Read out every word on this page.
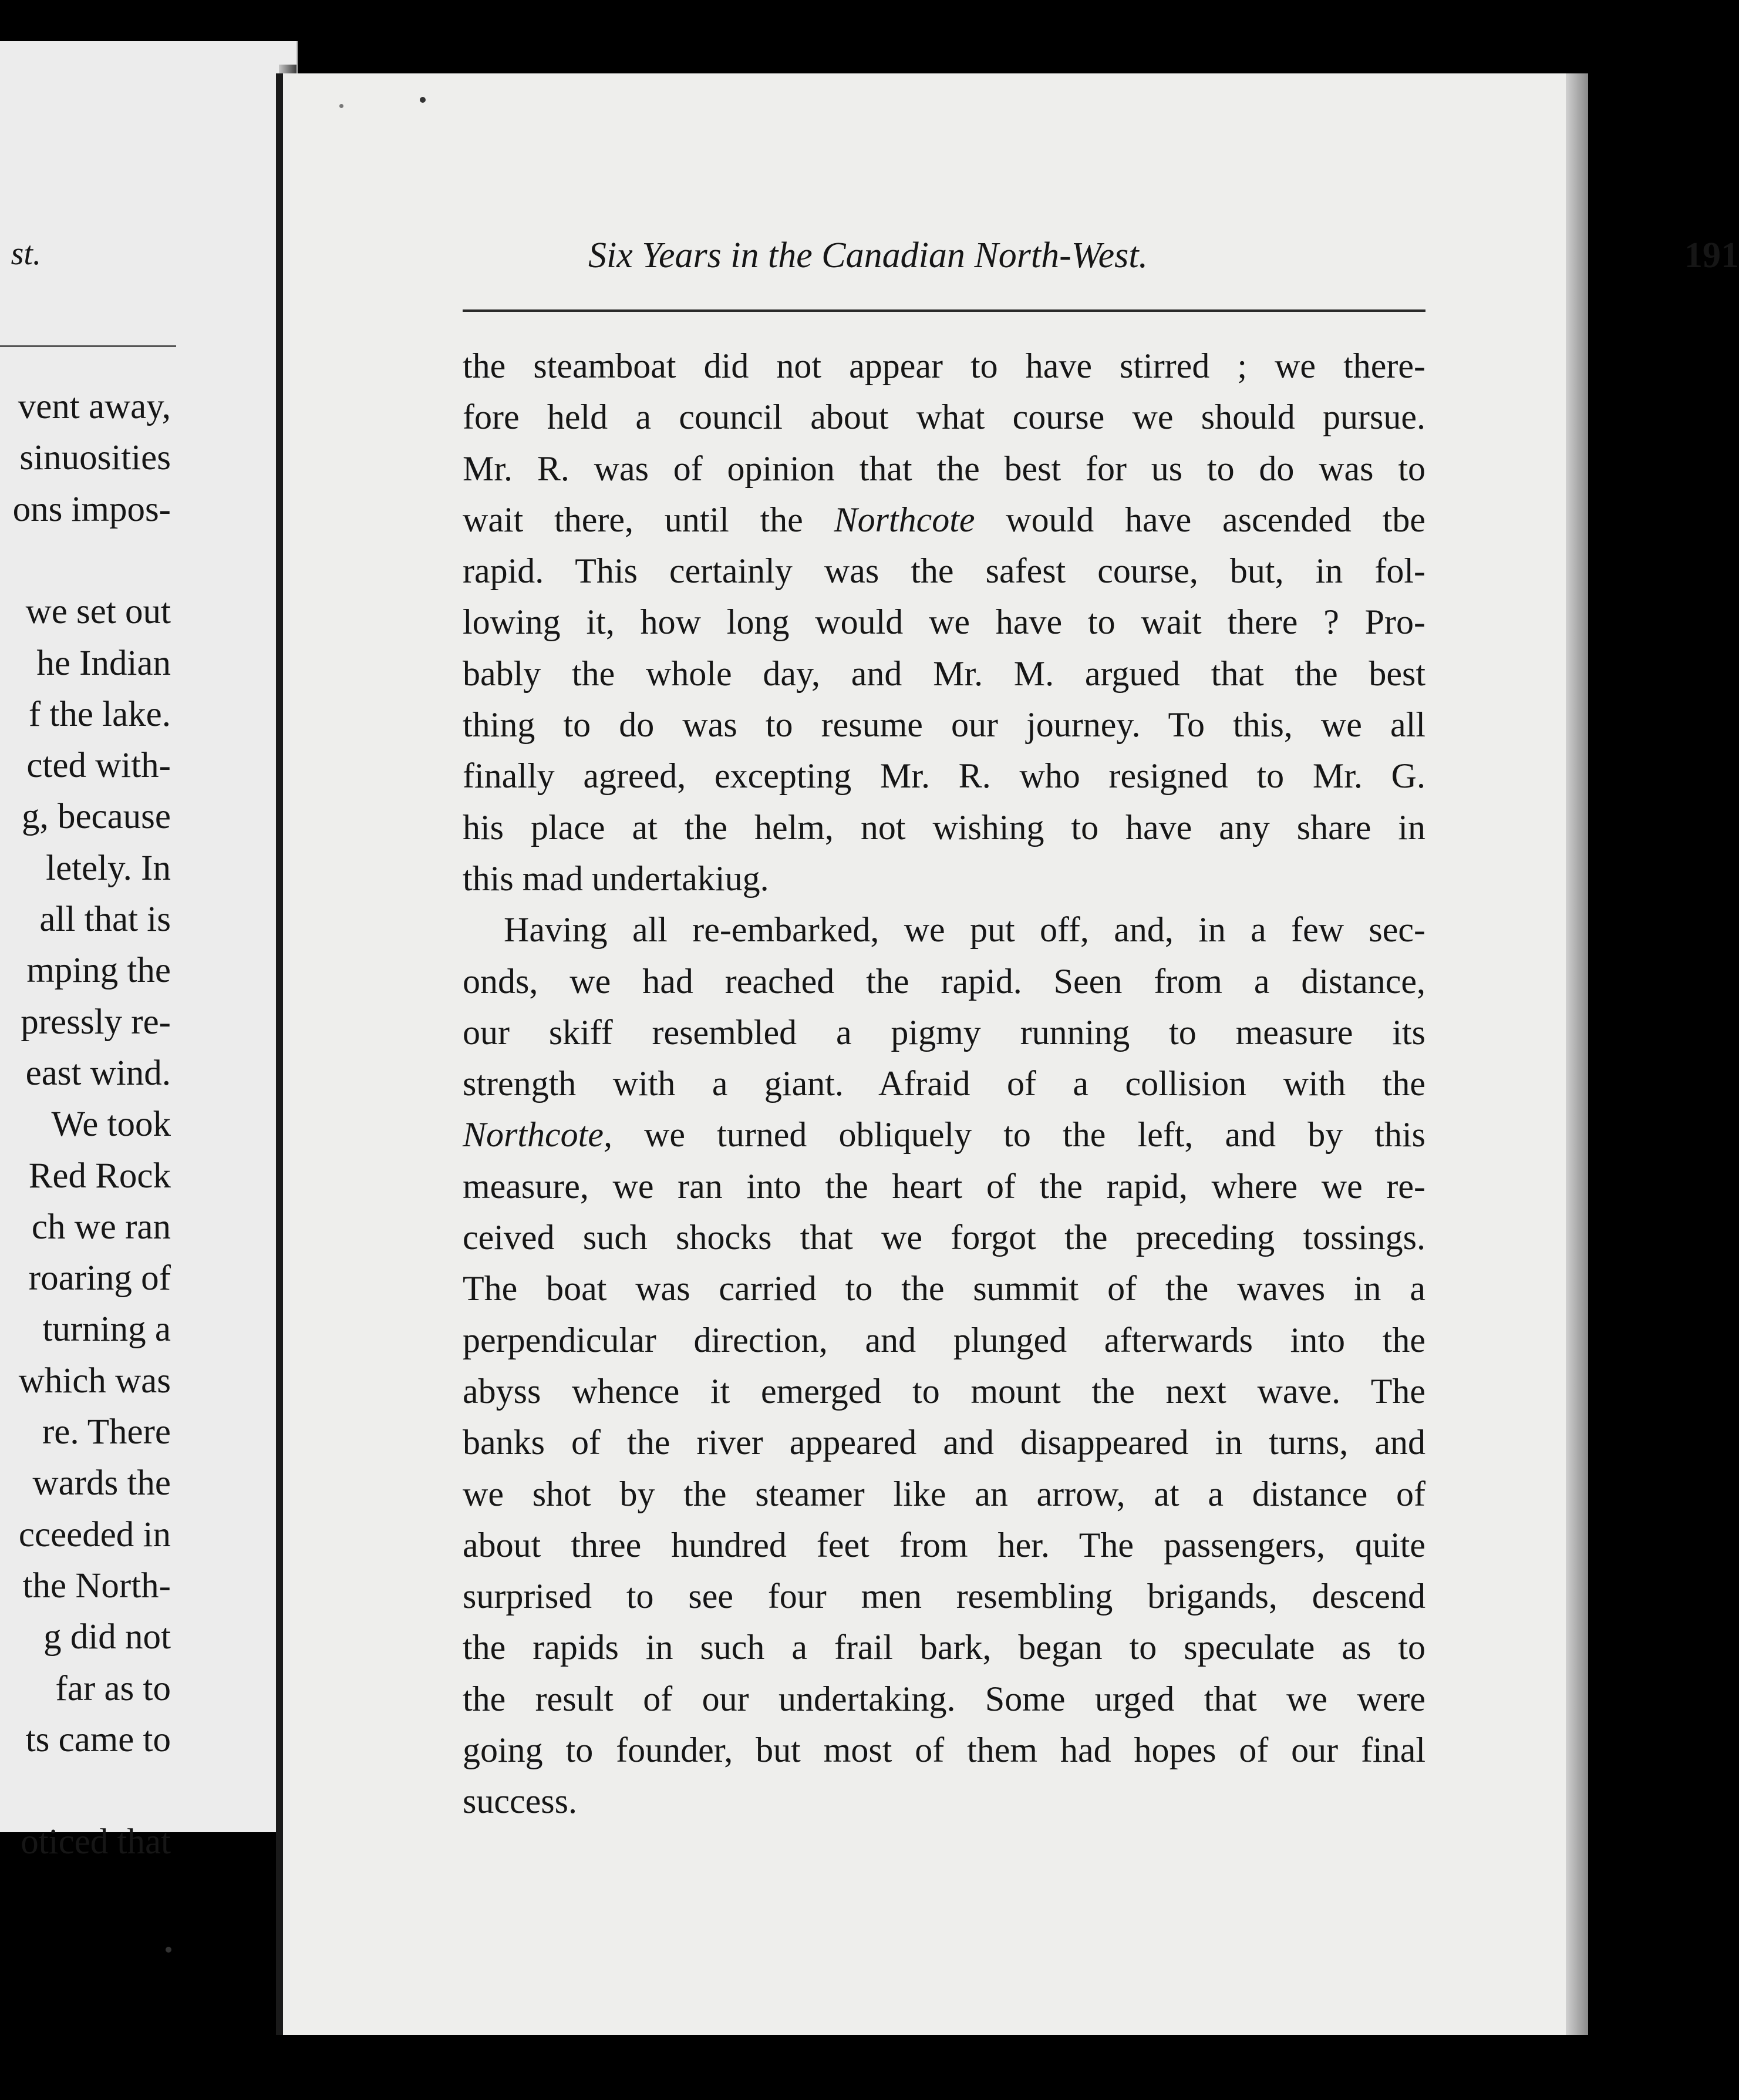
st.
vent away,
sinuosities
ons impos-
we set out
he Indian
f the lake.
cted with-
g, because
letely. In
all that is
mping the
pressly re-
east wind.
We took
Red Rock
ch we ran
roaring of
turning a
which was
re. There
wards the
cceeded in
the North-
g did not
far as to
ts came to
oticed that
Six Years in the Canadian North-West.	191
the steamboat did not appear to have stirred ; we there-
fore held a council about what course we should pursue.
Mr. R. was of opinion that the best for us to do was to
wait there, until the Northcote would have ascended tbe
rapid. This certainly was the safest course, but, in fol-
lowing it, how long would we have to wait there ? Pro-
bably the whole day, and Mr. M. argued that the best
thing to do was to resume our journey. To this, we all
finally agreed, excepting Mr. R. who resigned to Mr. G.
his place at the helm, not wishing to have any share in
this mad undertakiug.
Having all re-embarked, we put off, and, in a few sec-
onds, we had reached the rapid. Seen from a distance,
our skiff resembled a pigmy running to measure its
strength with a giant. Afraid of a collision with the
Northcote, we turned obliquely to the left, and by this
measure, we ran into the heart of the rapid, where we re-
ceived such shocks that we forgot the preceding tossings.
The boat was carried to the summit of the waves in a
perpendicular direction, and plunged afterwards into the
abyss whence it emerged to mount the next wave. The
banks of the river appeared and disappeared in turns, and
we shot by the steamer like an arrow, at a distance of
about three hundred feet from her. The passengers, quite
surprised to see four men resembling brigands, descend
the rapids in such a frail bark, began to speculate as to
the result of our undertaking. Some urged that we were
going to founder, but most of them had hopes of our final
success.
